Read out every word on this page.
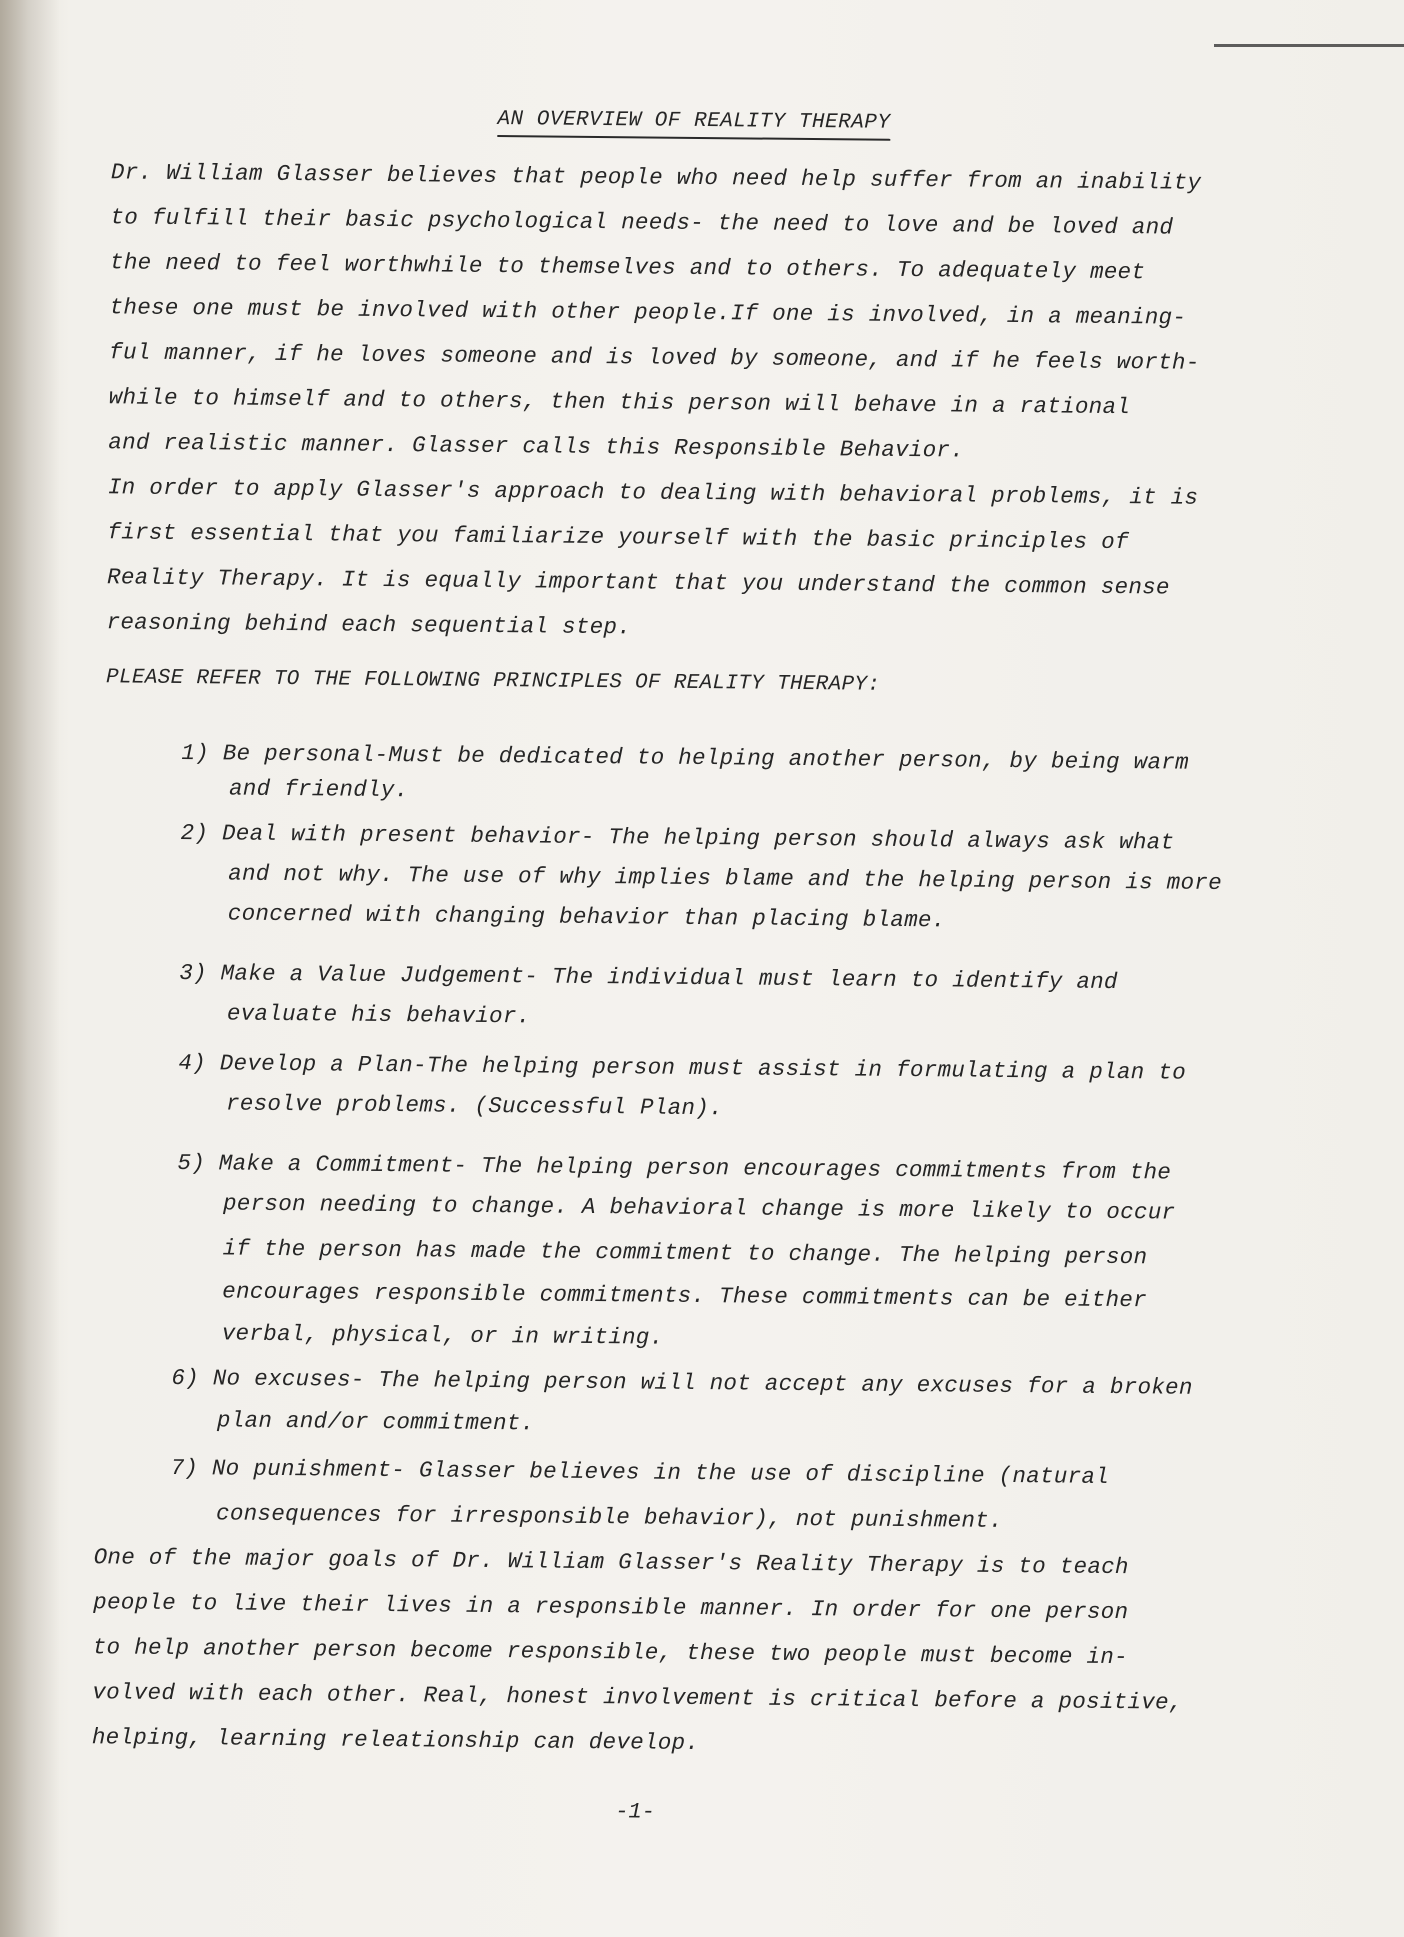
AN OVERVIEW OF REALITY THERAPY
Dr. William Glasser believes that people who need help suffer from an inability
to fulfill their basic psychological needs- the need to love and be loved and
the need to feel worthwhile to themselves and to others. To adequately meet
these one must be involved with other people.If one is involved, in a meaning-
ful manner, if he loves someone and is loved by someone, and if he feels worth-
while to himself and to others, then this person will behave in a rational
and realistic manner. Glasser calls this Responsible Behavior.
In order to apply Glasser's approach to dealing with behavioral problems, it is
first essential that you familiarize yourself with the basic principles of
Reality Therapy. It is equally important that you understand the common sense
reasoning behind each sequential step.
PLEASE REFER TO THE FOLLOWING PRINCIPLES OF REALITY THERAPY:
1) Be personal-Must be dedicated to helping another person, by being warm
and friendly.
2) Deal with present behavior- The helping person should always ask what
and not why. The use of why implies blame and the helping person is more
concerned with changing behavior than placing blame.
3) Make a Value Judgement- The individual must learn to identify and
evaluate his behavior.
4) Develop a Plan-The helping person must assist in formulating a plan to
resolve problems. (Successful Plan).
5) Make a Commitment- The helping person encourages commitments from the
person needing to change. A behavioral change is more likely to occur
if the person has made the commitment to change. The helping person
encourages responsible commitments. These commitments can be either
verbal, physical, or in writing.
6) No excuses- The helping person will not accept any excuses for a broken
plan and/or commitment.
7) No punishment- Glasser believes in the use of discipline (natural
consequences for irresponsible behavior), not punishment.
One of the major goals of Dr. William Glasser's Reality Therapy is to teach
people to live their lives in a responsible manner. In order for one person
to help another person become responsible, these two people must become in-
volved with each other. Real, honest involvement is critical before a positive,
helping, learning releationship can develop.
-1-
